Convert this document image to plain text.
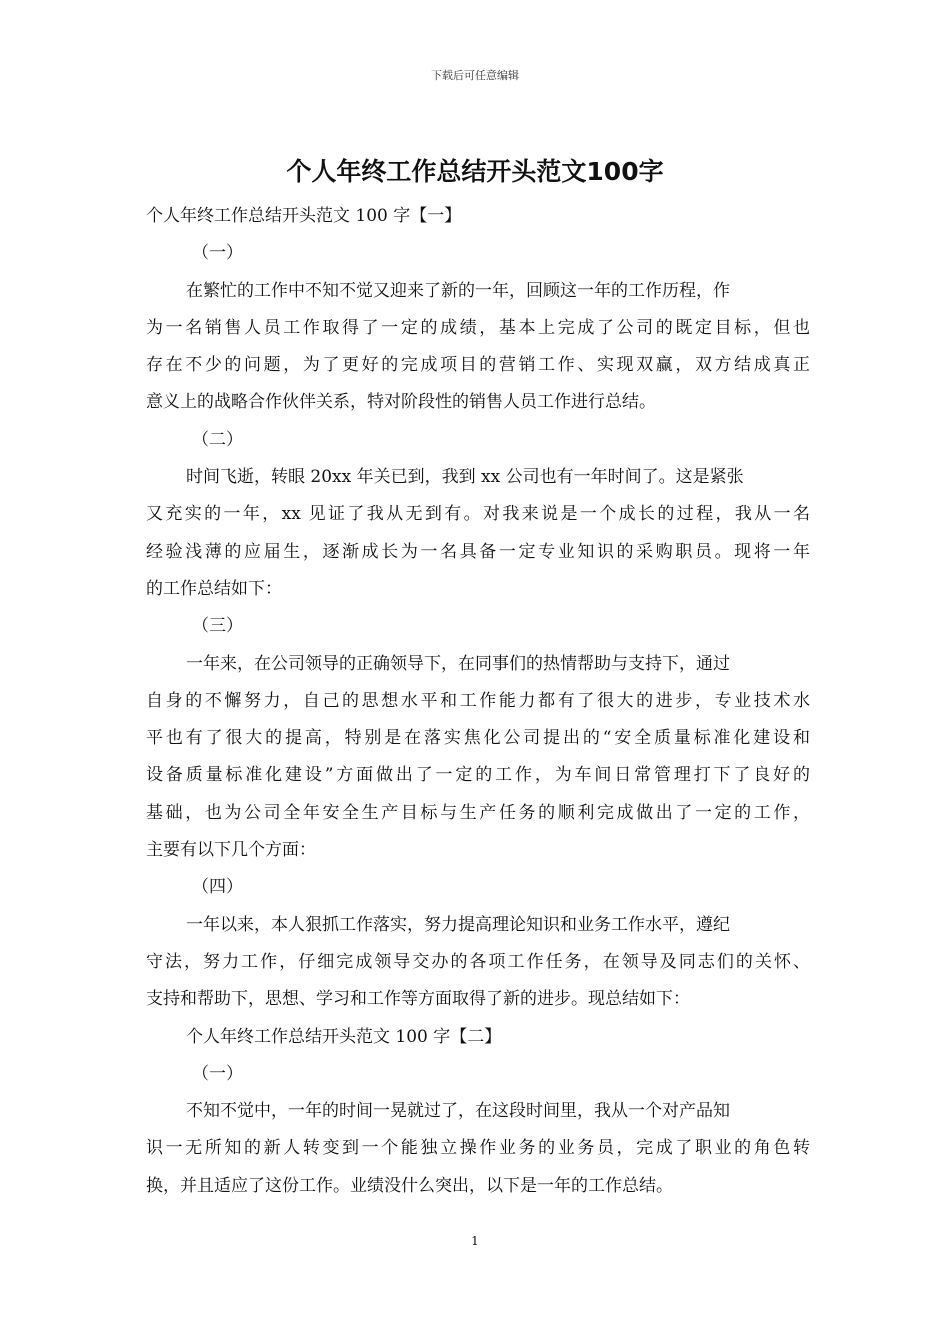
下载后可任意编辑
个人年终工作总结开头范文100字
个人年终工作总结开头范文 100 字【一】
（一）
在繁忙的工作中不知不觉又迎来了新的一年，回顾这一年的工作历程，作
为一名销售人员工作取得了一定的成绩，基本上完成了公司的既定目标，但也
存在不少的问题，为了更好的完成项目的营销工作、实现双赢，双方结成真正
意义上的战略合作伙伴关系，特对阶段性的销售人员工作进行总结。
（二）
时间飞逝，转眼 20xx 年关已到，我到 xx 公司也有一年时间了。这是紧张
又充实的一年，xx 见证了我从无到有。对我来说是一个成长的过程，我从一名
经验浅薄的应届生，逐渐成长为一名具备一定专业知识的采购职员。现将一年
的工作总结如下：
（三）
一年来，在公司领导的正确领导下，在同事们的热情帮助与支持下，通过
自身的不懈努力，自己的思想水平和工作能力都有了很大的进步，专业技术水
平也有了很大的提高，特别是在落实焦化公司提出的“安全质量标准化建设和
设备质量标准化建设”方面做出了一定的工作，为车间日常管理打下了良好的
基础，也为公司全年安全生产目标与生产任务的顺利完成做出了一定的工作，
主要有以下几个方面：
（四）
一年以来，本人狠抓工作落实，努力提高理论知识和业务工作水平，遵纪
守法，努力工作，仔细完成领导交办的各项工作任务，在领导及同志们的关怀、
支持和帮助下，思想、学习和工作等方面取得了新的进步。现总结如下：
个人年终工作总结开头范文 100 字【二】
（一）
不知不觉中，一年的时间一晃就过了，在这段时间里，我从一个对产品知
识一无所知的新人转变到一个能独立操作业务的业务员，完成了职业的角色转
换，并且适应了这份工作。业绩没什么突出，以下是一年的工作总结。
1
